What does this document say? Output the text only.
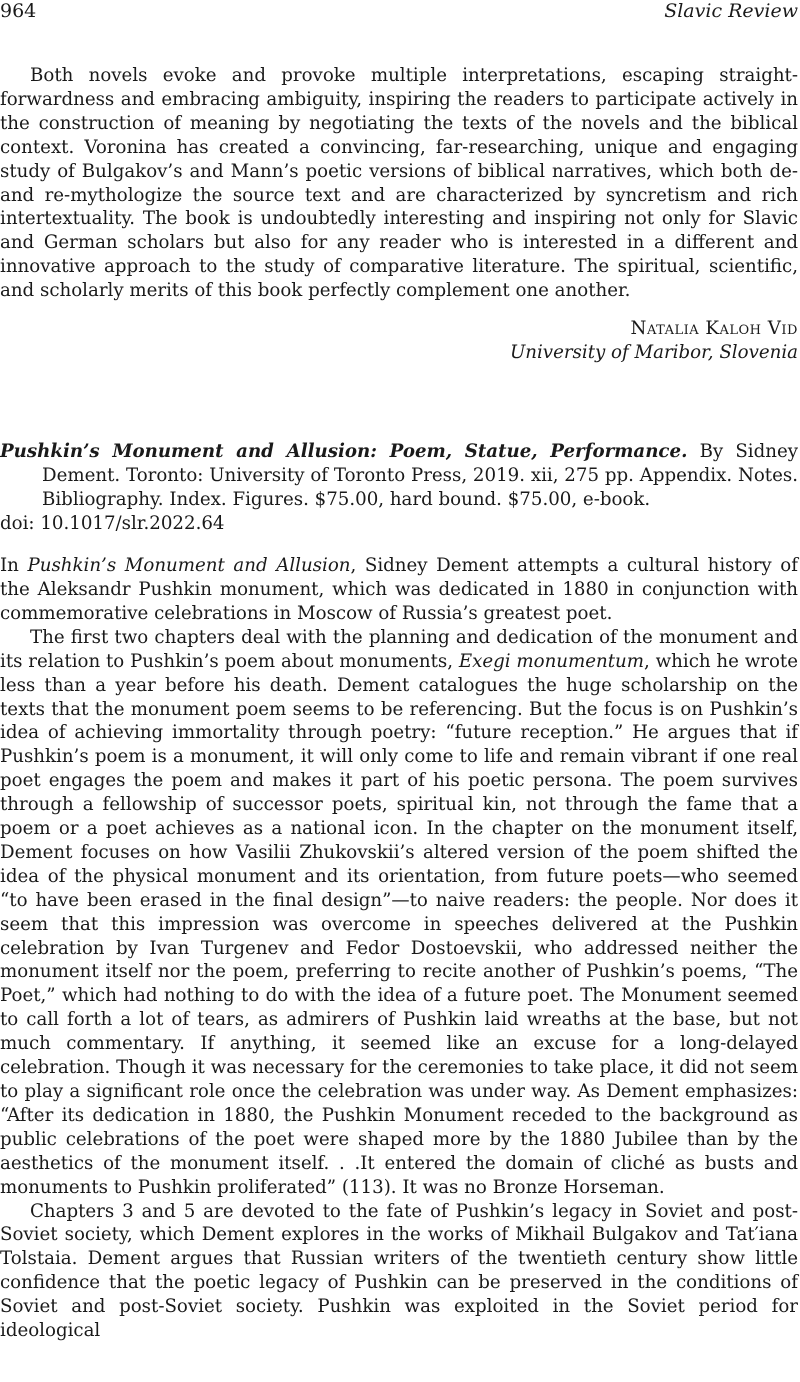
964	Slavic Review

Both novels evoke and provoke multiple interpretations, escaping straight-forwardness and embracing ambiguity, inspiring the readers to participate actively in the construction of meaning by negotiating the texts of the novels and the biblical context. Voronina has created a convincing, far-researching, unique and engaging study of Bulgakov’s and Mann’s poetic versions of biblical narratives, which both de- and re-mythologize the source text and are characterized by syncretism and rich intertextuality. The book is undoubtedly interesting and inspiring not only for Slavic and German scholars but also for any reader who is interested in a different and innovative approach to the study of comparative literature. The spiritual, scientific, and scholarly merits of this book perfectly complement one another.

Natalia Kaloh Vid
University of Maribor, Slovenia
Pushkin’s Monument and Allusion: Poem, Statue, Performance. By Sidney Dement. Toronto: University of Toronto Press, 2019. xii, 275 pp. Appendix. Notes. Bibliography. Index. Figures. $75.00, hard bound. $75.00, e-book.
doi: 10.1017/slr.2022.64

In Pushkin’s Monument and Allusion, Sidney Dement attempts a cultural history of the Aleksandr Pushkin monument, which was dedicated in 1880 in conjunction with commemorative celebrations in Moscow of Russia’s greatest poet.

The first two chapters deal with the planning and dedication of the monument and its relation to Pushkin’s poem about monuments, Exegi monumentum, which he wrote less than a year before his death. Dement catalogues the huge scholarship on the texts that the monument poem seems to be referencing. But the focus is on Pushkin’s idea of achieving immortality through poetry: “future reception.” He argues that if Pushkin’s poem is a monument, it will only come to life and remain vibrant if one real poet engages the poem and makes it part of his poetic persona. The poem survives through a fellowship of successor poets, spiritual kin, not through the fame that a poem or a poet achieves as a national icon. In the chapter on the monument itself, Dement focuses on how Vasilii Zhukovskii’s altered version of the poem shifted the idea of the physical monument and its orientation, from future poets—who seemed “to have been erased in the final design”—to naive readers: the people. Nor does it seem that this impression was overcome in speeches delivered at the Pushkin celebration by Ivan Turgenev and Fedor Dostoevskii, who addressed neither the monument itself nor the poem, preferring to recite another of Pushkin’s poems, “The Poet,” which had nothing to do with the idea of a future poet. The Monument seemed to call forth a lot of tears, as admirers of Pushkin laid wreaths at the base, but not much commentary. If anything, it seemed like an excuse for a long-delayed celebration. Though it was necessary for the ceremonies to take place, it did not seem to play a significant role once the celebration was under way. As Dement emphasizes: “After its dedication in 1880, the Pushkin Monument receded to the background as public celebrations of the poet were shaped more by the 1880 Jubilee than by the aesthetics of the monument itself. . .It entered the domain of cliché as busts and monuments to Pushkin proliferated” (113). It was no Bronze Horseman.

Chapters 3 and 5 are devoted to the fate of Pushkin’s legacy in Soviet and post-Soviet society, which Dement explores in the works of Mikhail Bulgakov and Tat′iana Tolstaia. Dement argues that Russian writers of the twentieth century show little confidence that the poetic legacy of Pushkin can be preserved in the conditions of Soviet and post-Soviet society. Pushkin was exploited in the Soviet period for ideological
